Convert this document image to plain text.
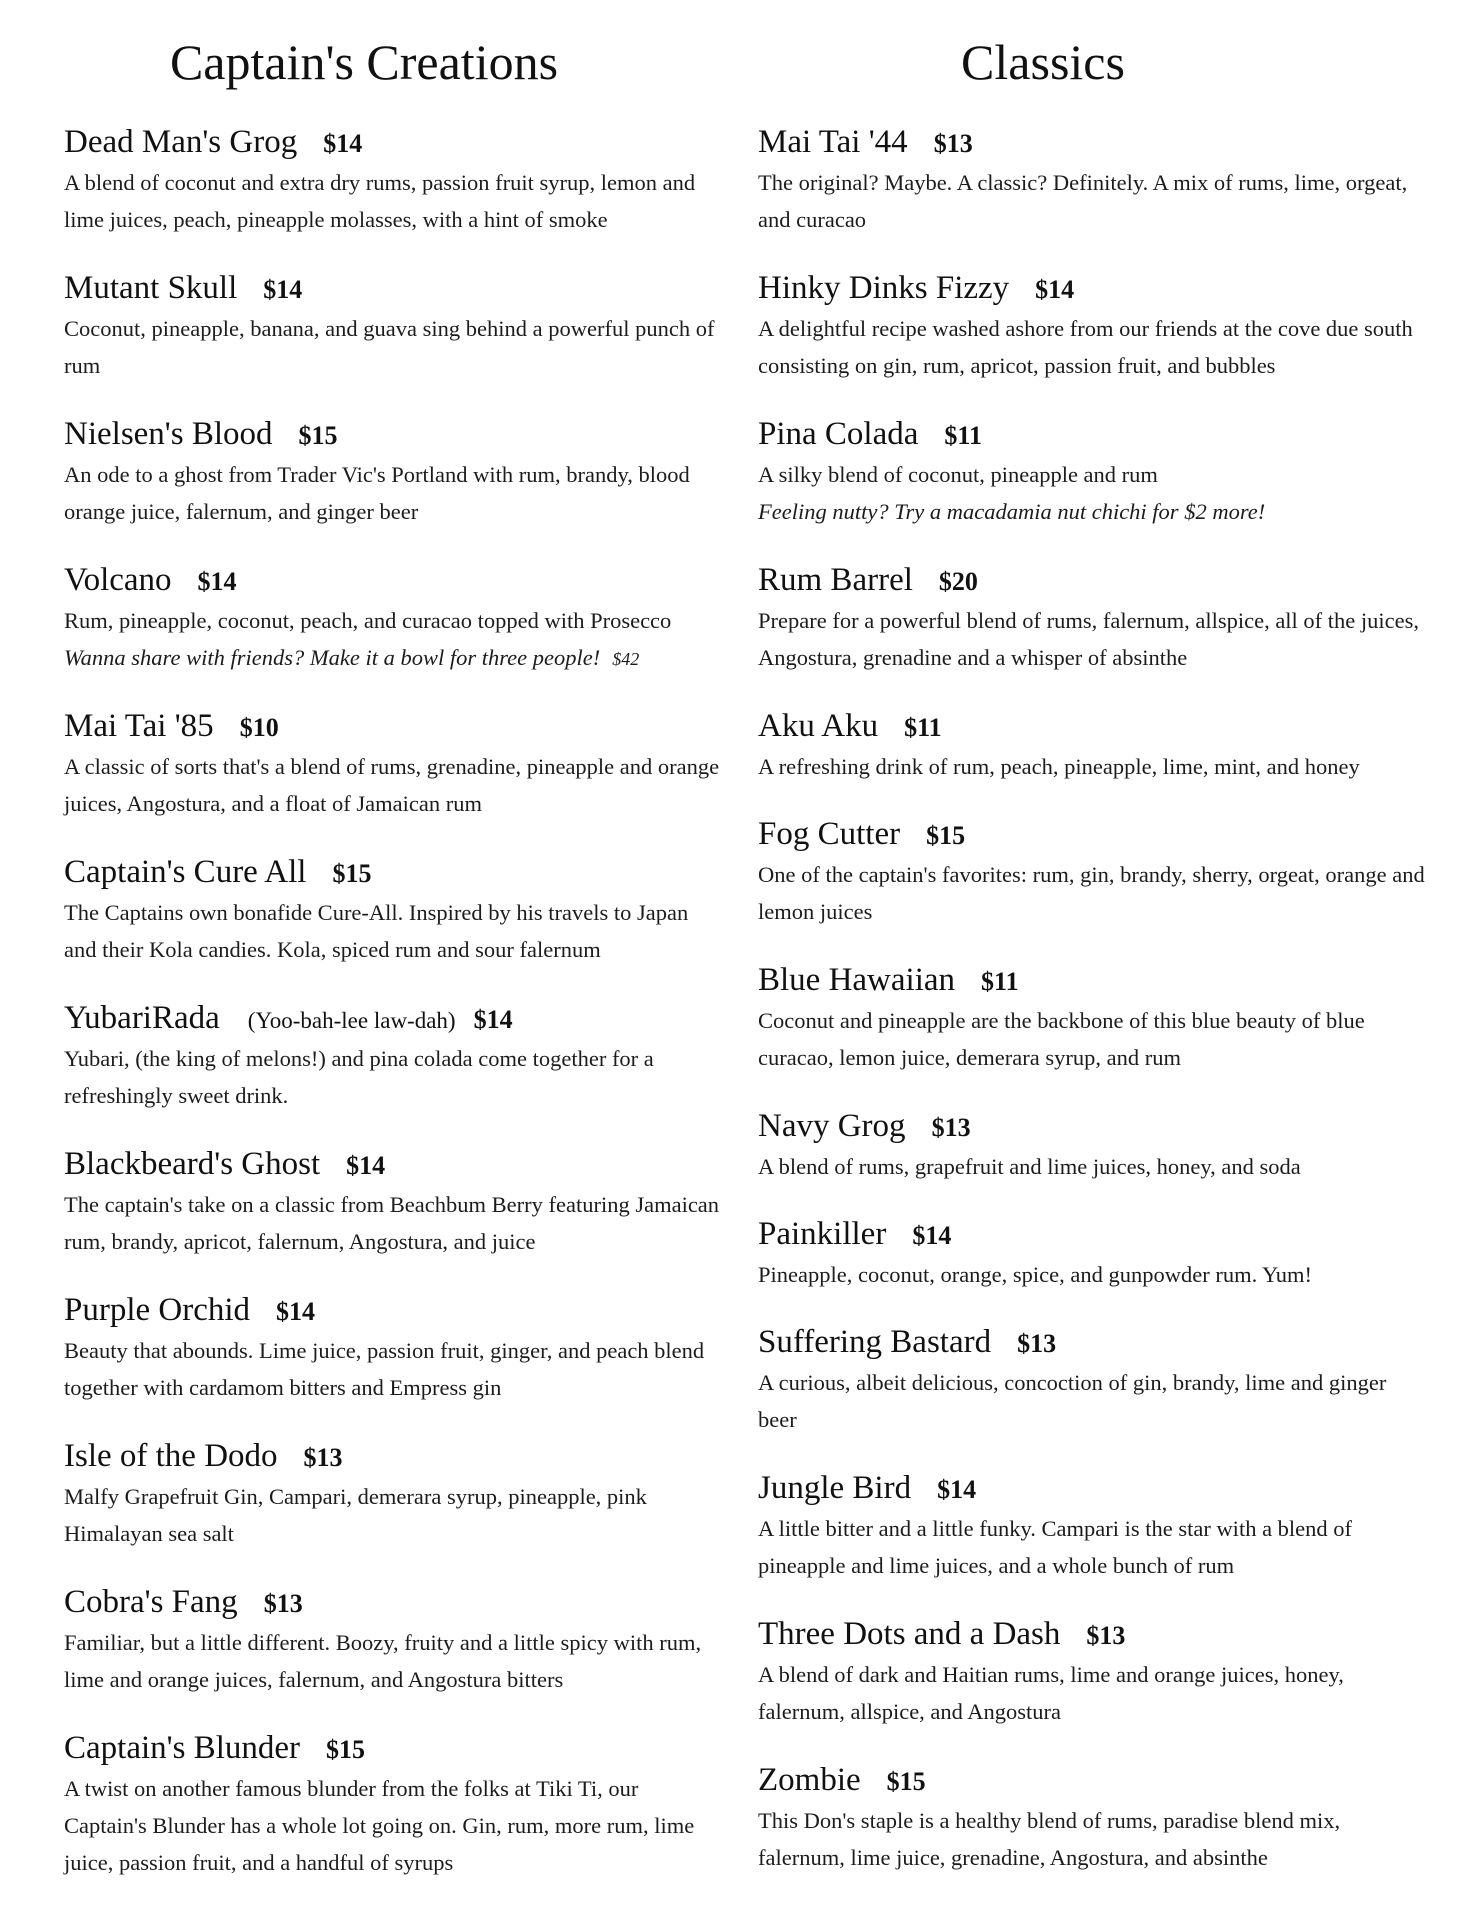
Captain's Creations
Dead Man's Grog $14
A blend of coconut and extra dry rums, passion fruit syrup, lemon and lime juices, peach, pineapple molasses, with a hint of smoke
Mutant Skull $14
Coconut, pineapple, banana, and guava sing behind a powerful punch of rum
Nielsen's Blood $15
An ode to a ghost from Trader Vic's Portland with rum, brandy, blood orange juice, falernum, and ginger beer
Volcano $14
Rum, pineapple, coconut, peach, and curacao topped with Prosecco
Wanna share with friends? Make it a bowl for three people! $42
Mai Tai '85 $10
A classic of sorts that's a blend of rums, grenadine, pineapple and orange juices, Angostura, and a float of Jamaican rum
Captain's Cure All $15
The Captains own bonafide Cure-All. Inspired by his travels to Japan and their Kola candies. Kola, spiced rum and sour falernum
YubariRada (Yoo-bah-lee law-dah) $14
Yubari, (the king of melons!) and pina colada come together for a refreshingly sweet drink.
Blackbeard's Ghost $14
The captain's take on a classic from Beachbum Berry featuring Jamaican rum, brandy, apricot, falernum, Angostura, and juice
Purple Orchid $14
Beauty that abounds. Lime juice, passion fruit, ginger, and peach blend together with cardamom bitters and Empress gin
Isle of the Dodo $13
Malfy Grapefruit Gin, Campari, demerara syrup, pineapple, pink Himalayan sea salt
Cobra's Fang $13
Familiar, but a little different. Boozy, fruity and a little spicy with rum, lime and orange juices, falernum, and Angostura bitters
Captain's Blunder $15
A twist on another famous blunder from the folks at Tiki Ti, our Captain's Blunder has a whole lot going on. Gin, rum, more rum, lime juice, passion fruit, and a handful of syrups
Classics
Mai Tai '44 $13
The original? Maybe. A classic? Definitely. A mix of rums, lime, orgeat, and curacao
Hinky Dinks Fizzy $14
A delightful recipe washed ashore from our friends at the cove due south consisting on gin, rum, apricot, passion fruit, and bubbles
Pina Colada $11
A silky blend of coconut, pineapple and rum
Feeling nutty? Try a macadamia nut chichi for $2 more!
Rum Barrel $20
Prepare for a powerful blend of rums, falernum, allspice, all of the juices, Angostura, grenadine and a whisper of absinthe
Aku Aku $11
A refreshing drink of rum, peach, pineapple, lime, mint, and honey
Fog Cutter $15
One of the captain's favorites: rum, gin, brandy, sherry, orgeat, orange and lemon juices
Blue Hawaiian $11
Coconut and pineapple are the backbone of this blue beauty of blue curacao, lemon juice, demerara syrup, and rum
Navy Grog $13
A blend of rums, grapefruit and lime juices, honey, and soda
Painkiller $14
Pineapple, coconut, orange, spice, and gunpowder rum. Yum!
Suffering Bastard $13
A curious, albeit delicious, concoction of gin, brandy, lime and ginger beer
Jungle Bird $14
A little bitter and a little funky. Campari is the star with a blend of pineapple and lime juices, and a whole bunch of rum
Three Dots and a Dash $13
A blend of dark and Haitian rums, lime and orange juices, honey, falernum, allspice, and Angostura
Zombie $15
This Don's staple is a healthy blend of rums, paradise blend mix, falernum, lime juice, grenadine, Angostura, and absinthe
